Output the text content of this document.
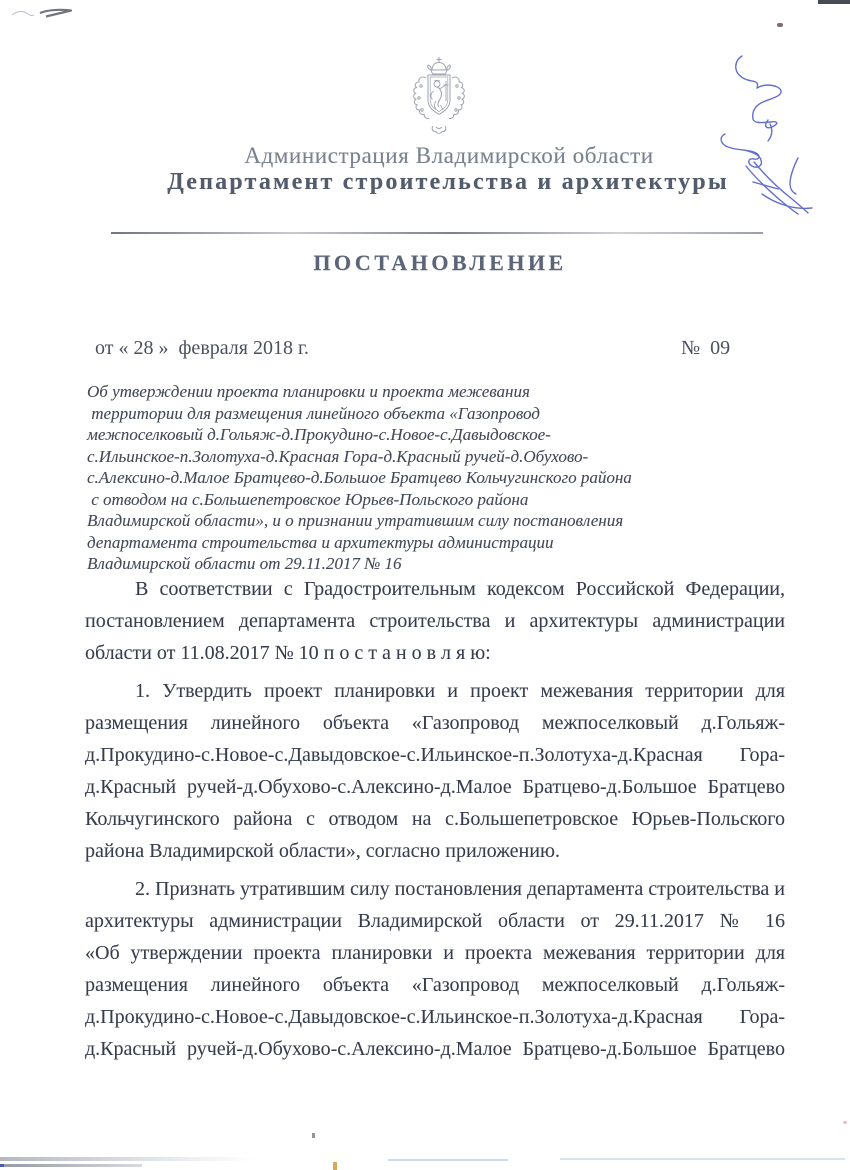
Администрация Владимирской области
Департамент строительства и архитектуры
ПОСТАНОВЛЕНИЕ
от « 28 »  февраля 2018 г.	№  09
Об утверждении проекта планировки и проекта межевания
территории для размещения линейного объекта «Газопровод
межпоселковый д.Гольяж-д.Прокудино-с.Новое-с.Давыдовское-
с.Ильинское-п.Золотуха-д.Красная Гора-д.Красный ручей-д.Обухово-
с.Алексино-д.Малое Братцево-д.Большое Братцево Кольчугинского района
с отводом на с.Большепетровское Юрьев-Польского района
Владимирской области», и о признании утратившим силу постановления
департамента строительства и архитектуры администрации
Владимирской области от 29.11.2017 № 16
В соответствии с Градостроительным кодексом Российской Федерации,
постановлением департамента строительства и архитектуры администрации
области от 11.08.2017 № 10 п о с т а н о в л я ю:
1. Утвердить проект планировки и проект межевания территории для
размещения линейного объекта «Газопровод межпоселковый д.Гольяж-
д.Прокудино-с.Новое-с.Давыдовское-с.Ильинское-п.Золотуха-д.Красная Гора-
д.Красный ручей-д.Обухово-с.Алексино-д.Малое Братцево-д.Большое Братцево
Кольчугинского района с отводом на с.Большепетровское Юрьев-Польского
района Владимирской области», согласно приложению.
2. Признать утратившим силу постановления департамента строительства и
архитектуры администрации Владимирской области от 29.11.2017 № 16
«Об утверждении проекта планировки и проекта межевания территории для
размещения линейного объекта «Газопровод межпоселковый д.Гольяж-
д.Прокудино-с.Новое-с.Давыдовское-с.Ильинское-п.Золотуха-д.Красная Гора-
д.Красный ручей-д.Обухово-с.Алексино-д.Малое Братцево-д.Большое Братцево
